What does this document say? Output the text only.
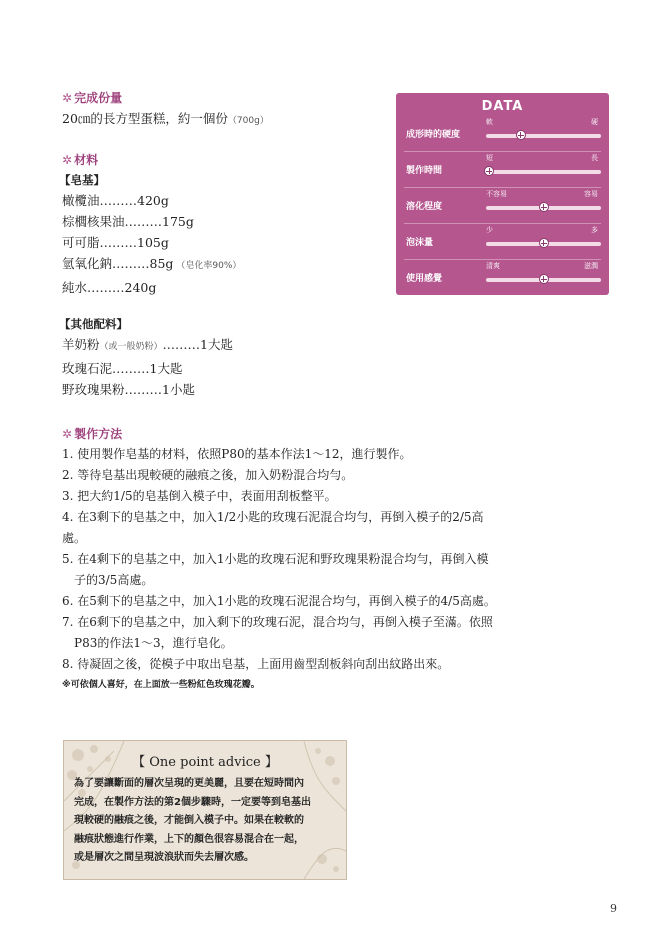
✲ 完成份量
20㎝的長方型蛋糕，約一個份（700g）
✲ 材料
【皂基】
橄欖油………420g
棕櫚核果油………175g
可可脂………105g
氫氧化鈉………85g （皂化率90%）
純水………240g
【其他配料】
羊奶粉（或一般奶粉）………1大匙
玫瑰石泥………1大匙
野玫瑰果粉………1小匙
✲ 製作方法
1. 使用製作皂基的材料，依照P80的基本作法1～12，進行製作。
2. 等待皂基出現較硬的融痕之後，加入奶粉混合均勻。
3. 把大約1/5的皂基倒入模子中，表面用刮板整平。
4. 在3剩下的皂基之中，加入1/2小匙的玫瑰石泥混合均勻，再倒入模子的2/5高
處。
5. 在4剩下的皂基之中，加入1小匙的玫瑰石泥和野玫瑰果粉混合均勻，再倒入模
子的3/5高處。
6. 在5剩下的皂基之中，加入1小匙的玫瑰石泥混合均勻，再倒入模子的4/5高處。
7. 在6剩下的皂基之中，加入剩下的玫瑰石泥，混合均勻，再倒入模子至滿。依照
P83的作法1～3，進行皂化。
8. 待凝固之後，從模子中取出皂基，上面用齒型刮板斜向刮出紋路出來。
※可依個人喜好，在上面放一些粉紅色玫瑰花瓣。
DATA
成形時的硬度
軟	硬
製作時間
短	長
溶化程度
不容易	容易
泡沫量
少	多
使用感覺
清爽	滋潤
【 One point advice 】
為了要讓斷面的層次呈現的更美麗，且要在短時間內
完成，在製作方法的第2個步驟時，一定要等到皂基出
現較硬的融痕之後，才能倒入模子中。如果在較軟的
融痕狀態進行作業，上下的顏色很容易混合在一起，
或是層次之間呈現波浪狀而失去層次感。
9
